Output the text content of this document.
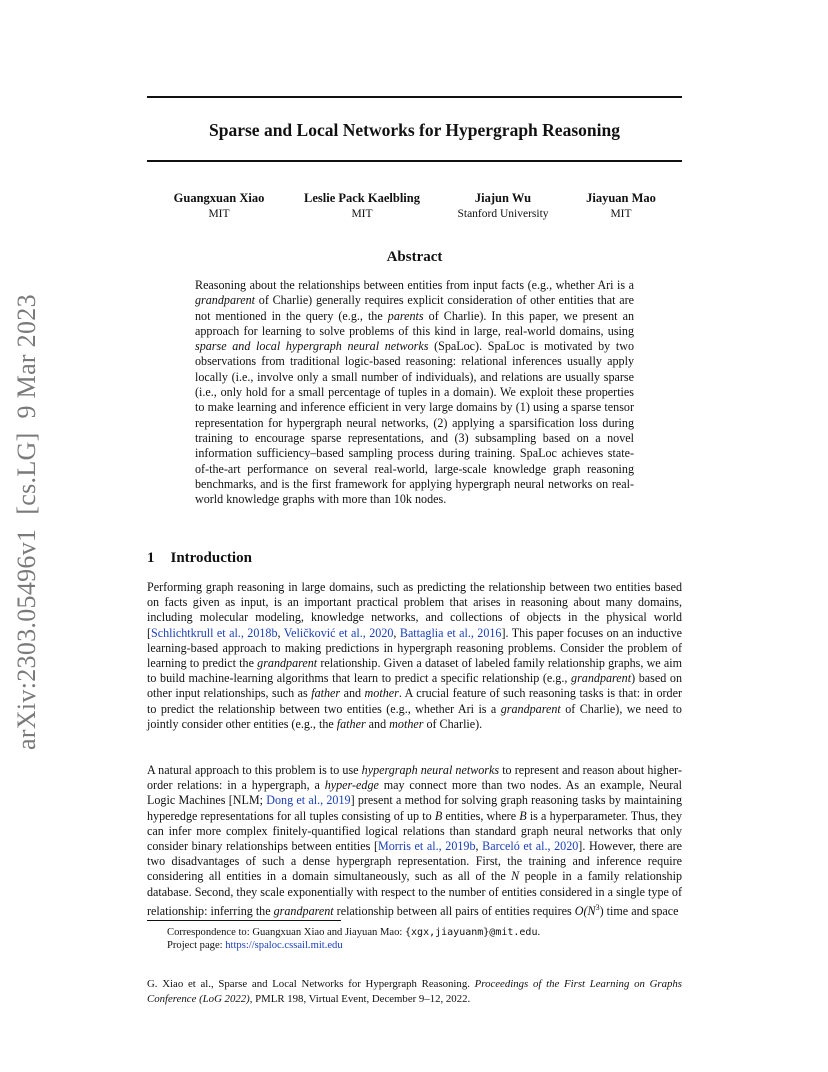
arXiv:2303.05496v1[cs.LG]9 Mar 2023
Sparse and Local Networks for Hypergraph Reasoning
Guangxuan Xiao
MIT
Leslie Pack Kaelbling
MIT
Jiajun Wu
Stanford University
Jiayuan Mao
MIT
Abstract
Reasoning about the relationships between entities from input facts (e.g., whether Ari is a grandparent of Charlie) generally requires explicit consideration of other entities that are not mentioned in the query (e.g., the parents of Charlie). In this paper, we present an approach for learning to solve problems of this kind in large, real-world domains, using sparse and local hypergraph neural networks (SpaLoc). SpaLoc is motivated by two observations from traditional logic-based reasoning: relational inferences usually apply locally (i.e., involve only a small number of individuals), and relations are usually sparse (i.e., only hold for a small percentage of tuples in a domain). We exploit these properties to make learning and inference efficient in very large domains by (1) using a sparse tensor representation for hypergraph neural networks, (2) applying a sparsification loss during training to encourage sparse representations, and (3) subsampling based on a novel information sufficiency–based sampling process during training. SpaLoc achieves state-of-the-art performance on several real-world, large-scale knowledge graph reasoning benchmarks, and is the first framework for applying hypergraph neural networks on real-world knowledge graphs with more than 10k nodes.
1 Introduction
Performing graph reasoning in large domains, such as predicting the relationship between two entities based on facts given as input, is an important practical problem that arises in reasoning about many domains, including molecular modeling, knowledge networks, and collections of objects in the physical world [Schlichtkrull et al., 2018b, Veličković et al., 2020, Battaglia et al., 2016]. This paper focuses on an inductive learning-based approach to making predictions in hypergraph reasoning problems. Consider the problem of learning to predict the grandparent relationship. Given a dataset of labeled family relationship graphs, we aim to build machine-learning algorithms that learn to predict a specific relationship (e.g., grandparent) based on other input relationships, such as father and mother. A crucial feature of such reasoning tasks is that: in order to predict the relationship between two entities (e.g., whether Ari is a grandparent of Charlie), we need to jointly consider other entities (e.g., the father and mother of Charlie).
A natural approach to this problem is to use hypergraph neural networks to represent and reason about higher-order relations: in a hypergraph, a hyper-edge may connect more than two nodes. As an example, Neural Logic Machines [NLM; Dong et al., 2019] present a method for solving graph reasoning tasks by maintaining hyperedge representations for all tuples consisting of up to B entities, where B is a hyperparameter. Thus, they can infer more complex finitely-quantified logical relations than standard graph neural networks that only consider binary relationships between entities [Morris et al., 2019b, Barceló et al., 2020]. However, there are two disadvantages of such a dense hypergraph representation. First, the training and inference require considering all entities in a domain simultaneously, such as all of the N people in a family relationship database. Second, they scale exponentially with respect to the number of entities considered in a single type of relationship: inferring the grandparent relationship between all pairs of entities requires $O(N^3)$ time and space
Correspondence to: Guangxuan Xiao and Jiayuan Mao: {xgx,jiayuanm}@mit.edu.
Project page: https://spaloc.cssail.mit.edu
G. Xiao et al., Sparse and Local Networks for Hypergraph Reasoning. Proceedings of the First Learning on Graphs Conference (LoG 2022), PMLR 198, Virtual Event, December 9–12, 2022.
